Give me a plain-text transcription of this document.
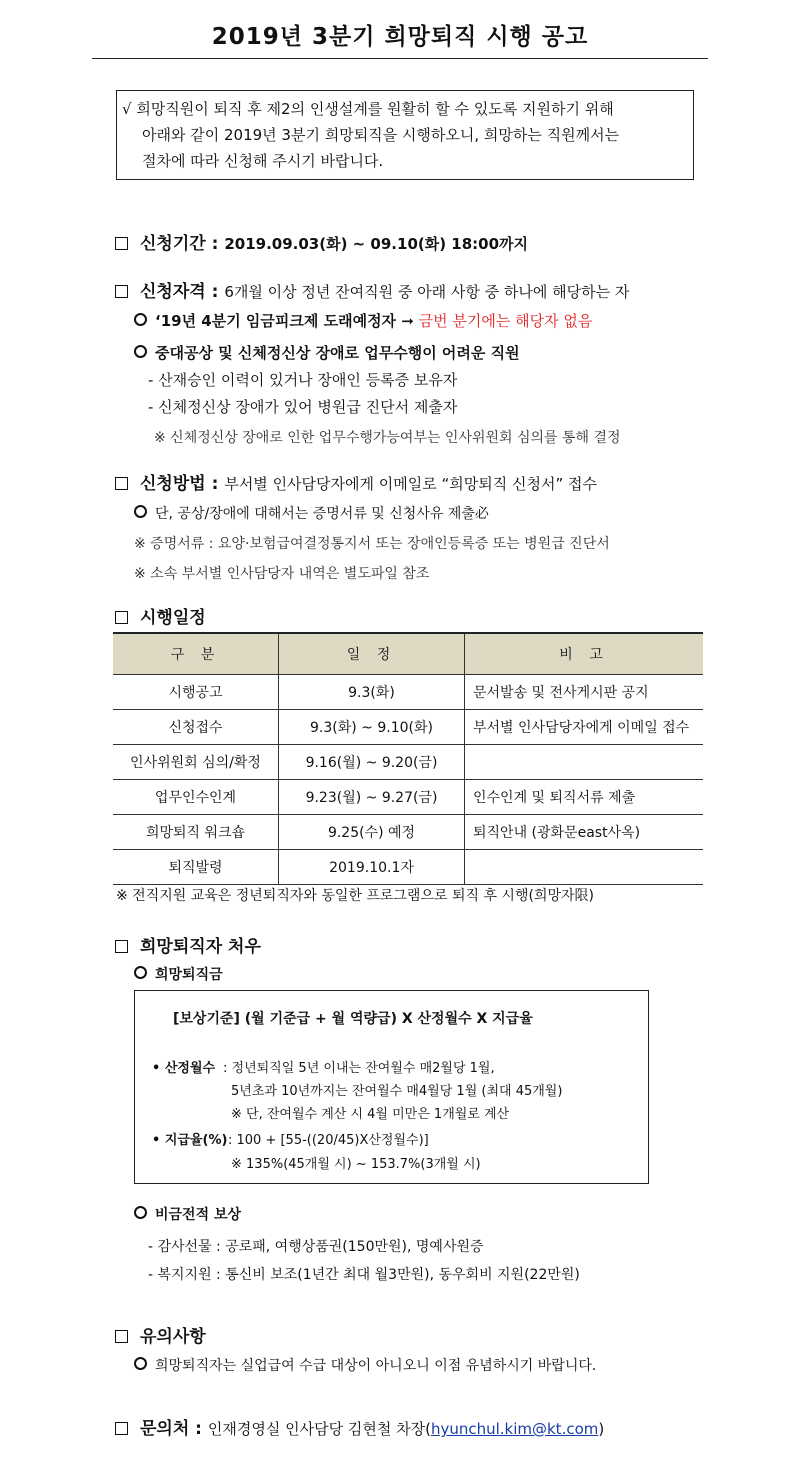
2019년 3분기 희망퇴직 시행 공고
√ 희망직원이 퇴직 후 제2의 인생설계를 원활히 할 수 있도록 지원하기 위해
아래와 같이 2019년 3분기 희망퇴직을 시행하오니, 희망하는 직원께서는
절차에 따라 신청해 주시기 바랍니다.
신청기간 : 2019.09.03(화) ~ 09.10(화) 18:00까지
신청자격 : 6개월 이상 정년 잔여직원 중 아래 사항 중 하나에 해당하는 자
‘19년 4분기 임금피크제 도래예정자 ➞ 금번 분기에는 해당자 없음
중대공상 및 신체정신상 장애로 업무수행이 어려운 직원
- 산재승인 이력이 있거나 장애인 등록증 보유자
- 신체정신상 장애가 있어 병원급 진단서 제출자
※ 신체정신상 장애로 인한 업무수행가능여부는 인사위원회 심의를 통해 결정
신청방법 : 부서별 인사담당자에게 이메일로 “희망퇴직 신청서” 접수
단, 공상/장애에 대해서는 증명서류 및 신청사유 제출必
※ 증명서류 : 요양·보험급여결정통지서 또는 장애인등록증 또는 병원급 진단서
※ 소속 부서별 인사담당자 내역은 별도파일 참조
시행일정
구 분	일 정	비 고
시행공고	9.3(화)	문서발송 및 전사게시판 공지
신청접수	9.3(화) ~ 9.10(화)	부서별 인사담당자에게 이메일 접수
인사위원회 심의/확정	9.16(월) ~ 9.20(금)	
업무인수인계	9.23(월) ~ 9.27(금)	인수인계 및 퇴직서류 제출
희망퇴직 워크숍	9.25(수) 예정	퇴직안내 (광화문east사옥)
퇴직발령	2019.10.1자	
※ 전직지원 교육은 정년퇴직자와 동일한 프로그램으로 퇴직 후 시행(희망자限)
희망퇴직자 처우
희망퇴직금
[보상기준] (월 기준급 + 월 역량급) X 산정월수 X 지급율
• 산정월수 : 정년퇴직일 5년 이내는 잔여월수 매2월당 1월,
5년초과 10년까지는 잔여월수 매4월당 1월 (최대 45개월)
※ 단, 잔여월수 계산 시 4월 미만은 1개월로 계산
• 지급율(%) : 100 + [55-((20/45)X산정월수)]
※ 135%(45개월 시) ~ 153.7%(3개월 시)
비금전적 보상
- 감사선물 : 공로패, 여행상품권(150만원), 명예사원증
- 복지지원 : 통신비 보조(1년간 최대 월3만원), 동우회비 지원(22만원)
유의사항
희망퇴직자는 실업급여 수급 대상이 아니오니 이점 유념하시기 바랍니다.
문의처 : 인재경영실 인사담당 김현철 차장(hyunchul.kim@kt.com)
